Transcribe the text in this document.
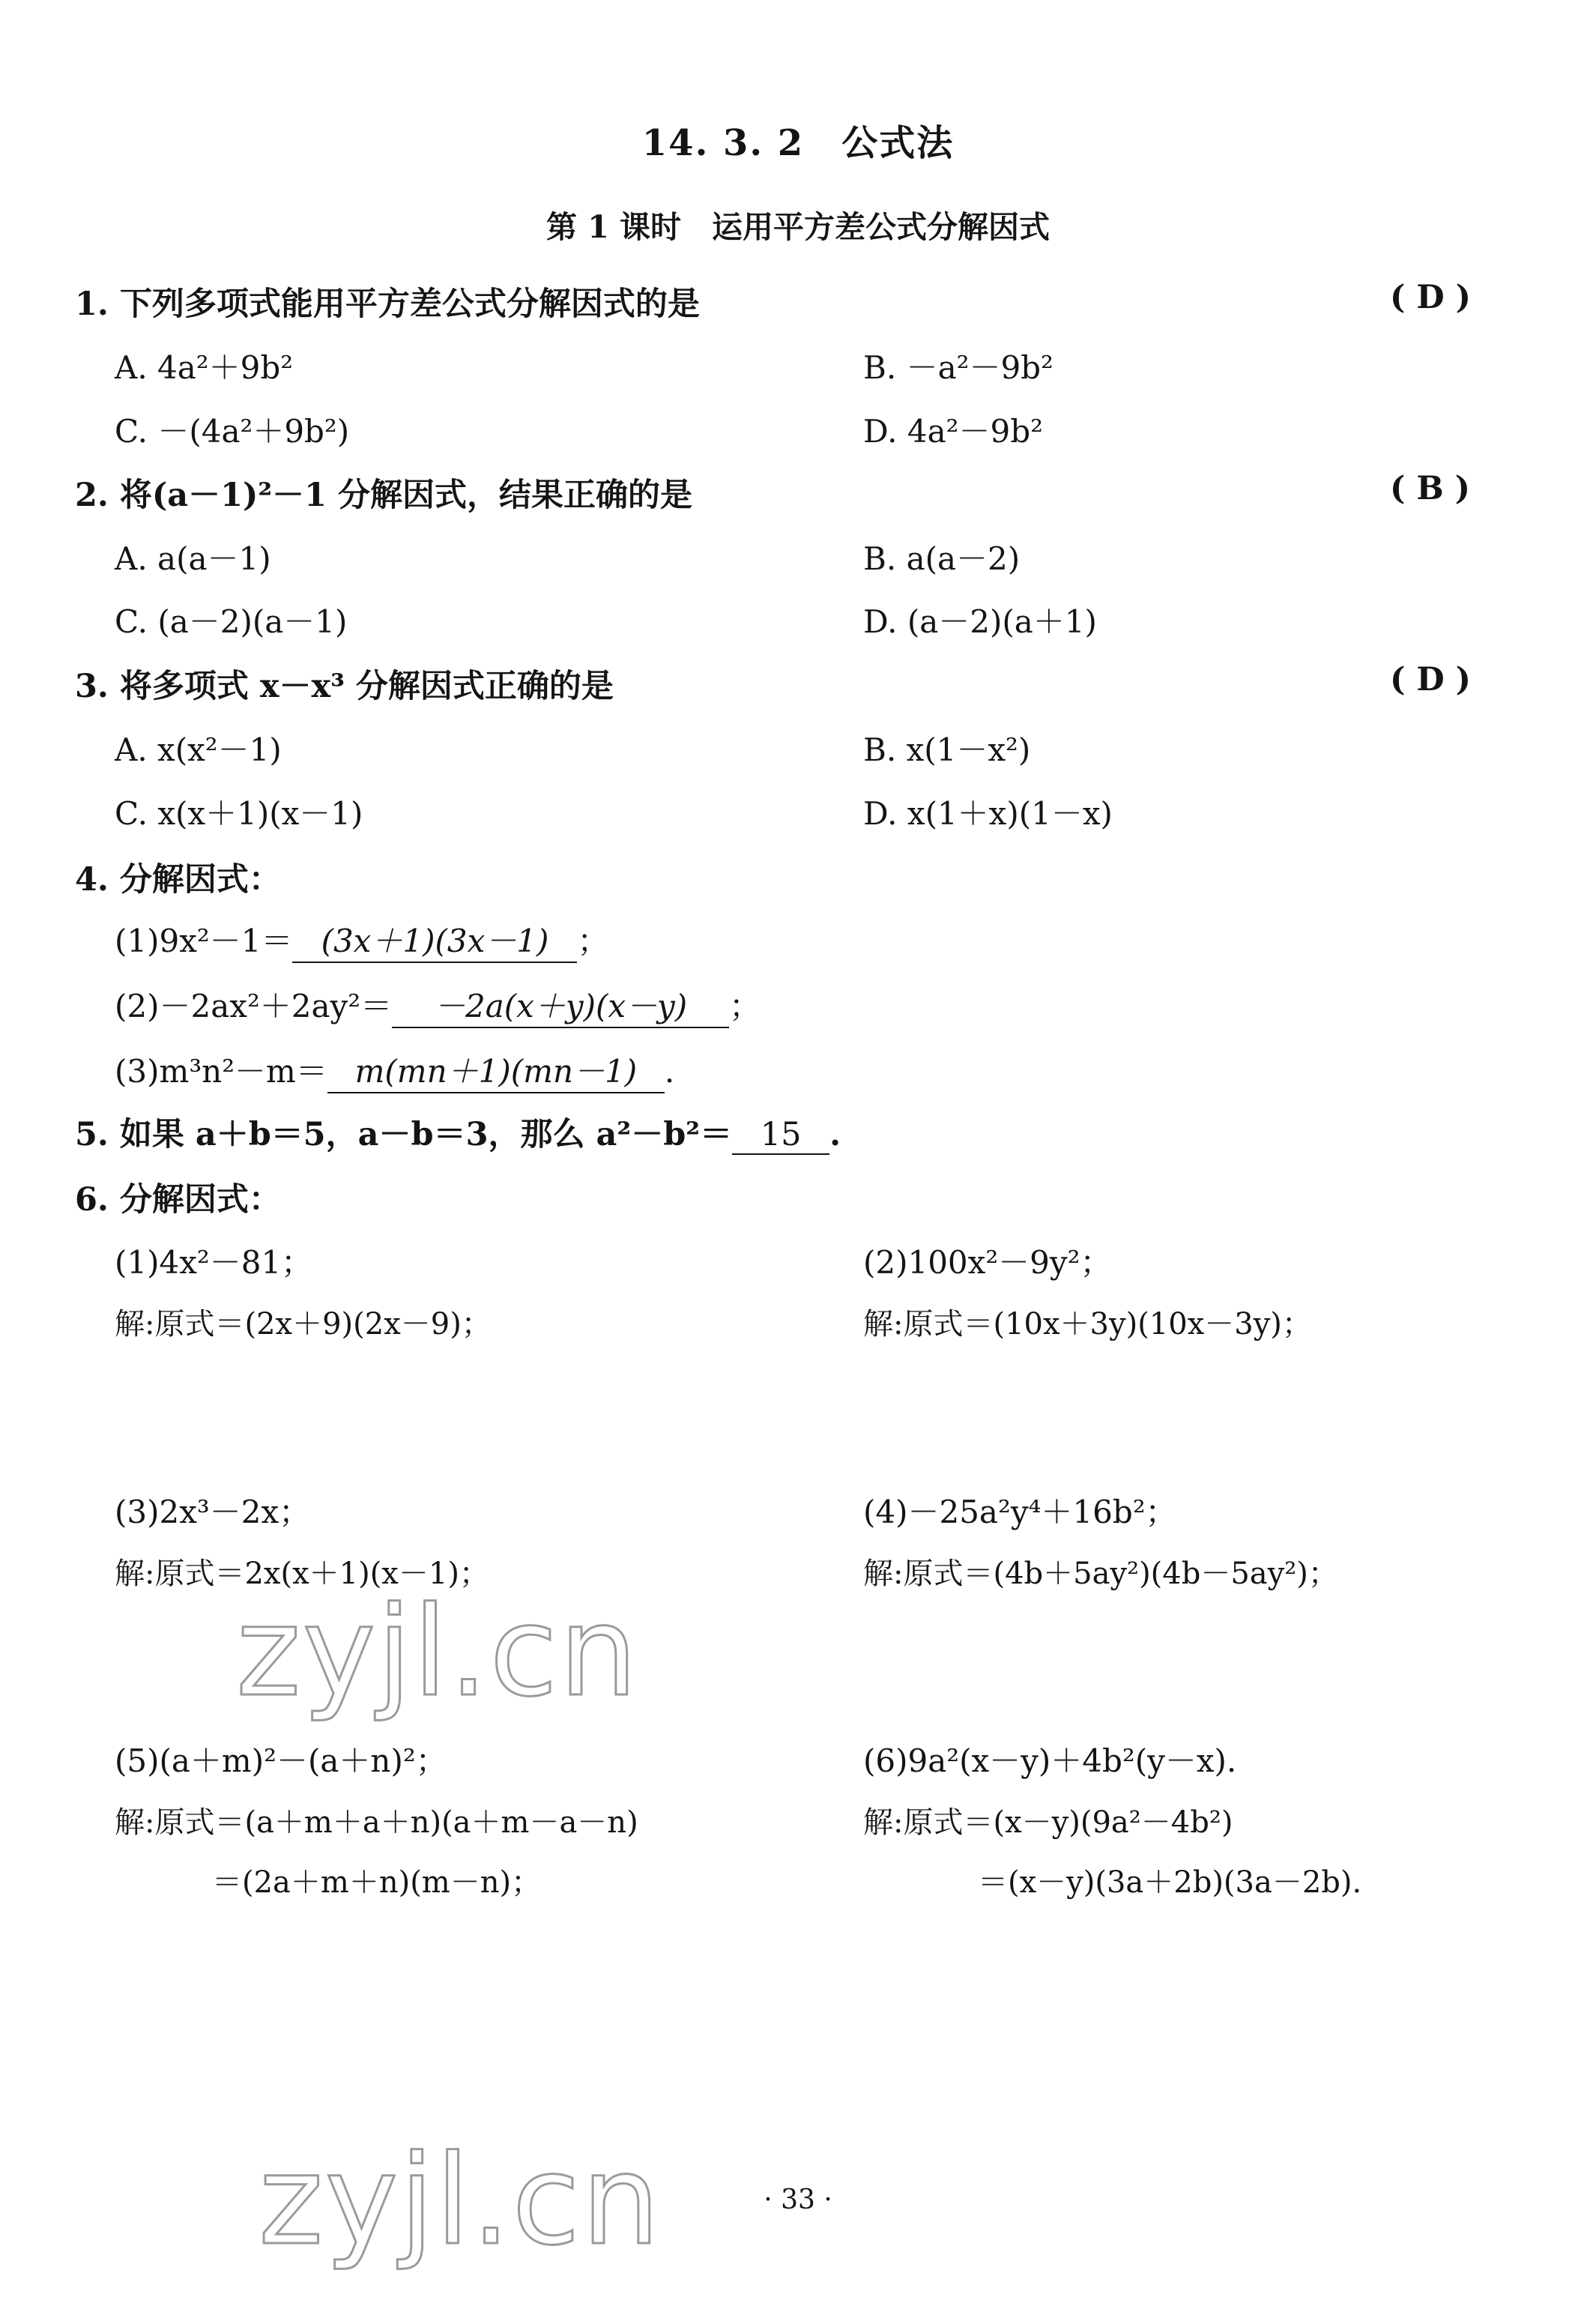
14. 3. 2　公式法
第 1 课时　运用平方差公式分解因式
1. 下列多项式能用平方差公式分解因式的是	( D )
A. 4a²＋9b²	B. －a²－9b²
C. －(4a²＋9b²)	D. 4a²－9b²
2. 将(a－1)²－1 分解因式，结果正确的是	( B )
A. a(a－1)	B. a(a－2)
C. (a－2)(a－1)	D. (a－2)(a＋1)
3. 将多项式 x－x³ 分解因式正确的是	( D )
A. x(x²－1)	B. x(1－x²)
C. x(x＋1)(x－1)	D. x(1＋x)(1－x)
4. 分解因式：
(1)9x²－1＝ (3x＋1)(3x－1) ；
(2)－2ax²＋2ay²＝ －2a(x＋y)(x－y) ；
(3)m³n²－m＝ m(mn＋1)(mn－1) .
5. 如果 a＋b＝5，a－b＝3，那么 a²－b²＝ 15 .
6. 分解因式：
(1)4x²－81；
解:原式＝(2x＋9)(2x－9)；
(2)100x²－9y²；
解:原式＝(10x＋3y)(10x－3y)；
(3)2x³－2x；
解:原式＝2x(x＋1)(x－1)；
(4)－25a²y⁴＋16b²；
解:原式＝(4b＋5ay²)(4b－5ay²)；
(5)(a＋m)²－(a＋n)²；
解:原式＝(a＋m＋a＋n)(a＋m－a－n)
＝(2a＋m＋n)(m－n)；
(6)9a²(x－y)＋4b²(y－x).
解:原式＝(x－y)(9a²－4b²)
＝(x－y)(3a＋2b)(3a－2b).
zyjl.cn
zyjl.cn	· 33 ·
